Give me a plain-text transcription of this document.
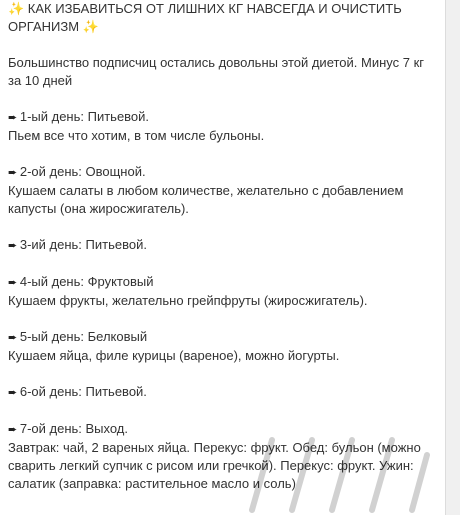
✨ КАК ИЗБАВИТЬСЯ ОТ ЛИШНИХ КГ НАВСЕГДА И ОЧИСТИТЬ
ОРГАНИЗМ ✨
Большинство подписчиц остались довольны этой диетой. Минус 7 кг за 10 дней
➨ 1-ый день: Питьевой.
Пьем все что хотим, в том числе бульоны.
➨ 2-ой день: Овощной.
Кушаем салаты в любом количестве, желательно с добавлением капусты (она жиросжигатель).
➨ 3-ий день: Питьевой.
➨ 4-ый день: Фруктовый
Кушаем фрукты, желательно грейпфруты (жиросжигатель).
➨ 5-ый день: Белковый
Кушаем яйца, филе курицы (вареное), можно йогурты.
➨ 6-ой день: Питьевой.
➨ 7-ой день: Выход.
Завтрак: чай, 2 вареных яйца. Перекус: фрукт. Обед: бульон (можно сварить легкий супчик с рисом или гречкой). Перекус: фрукт. Ужин: салатик (заправка: растительное масло и соль)
